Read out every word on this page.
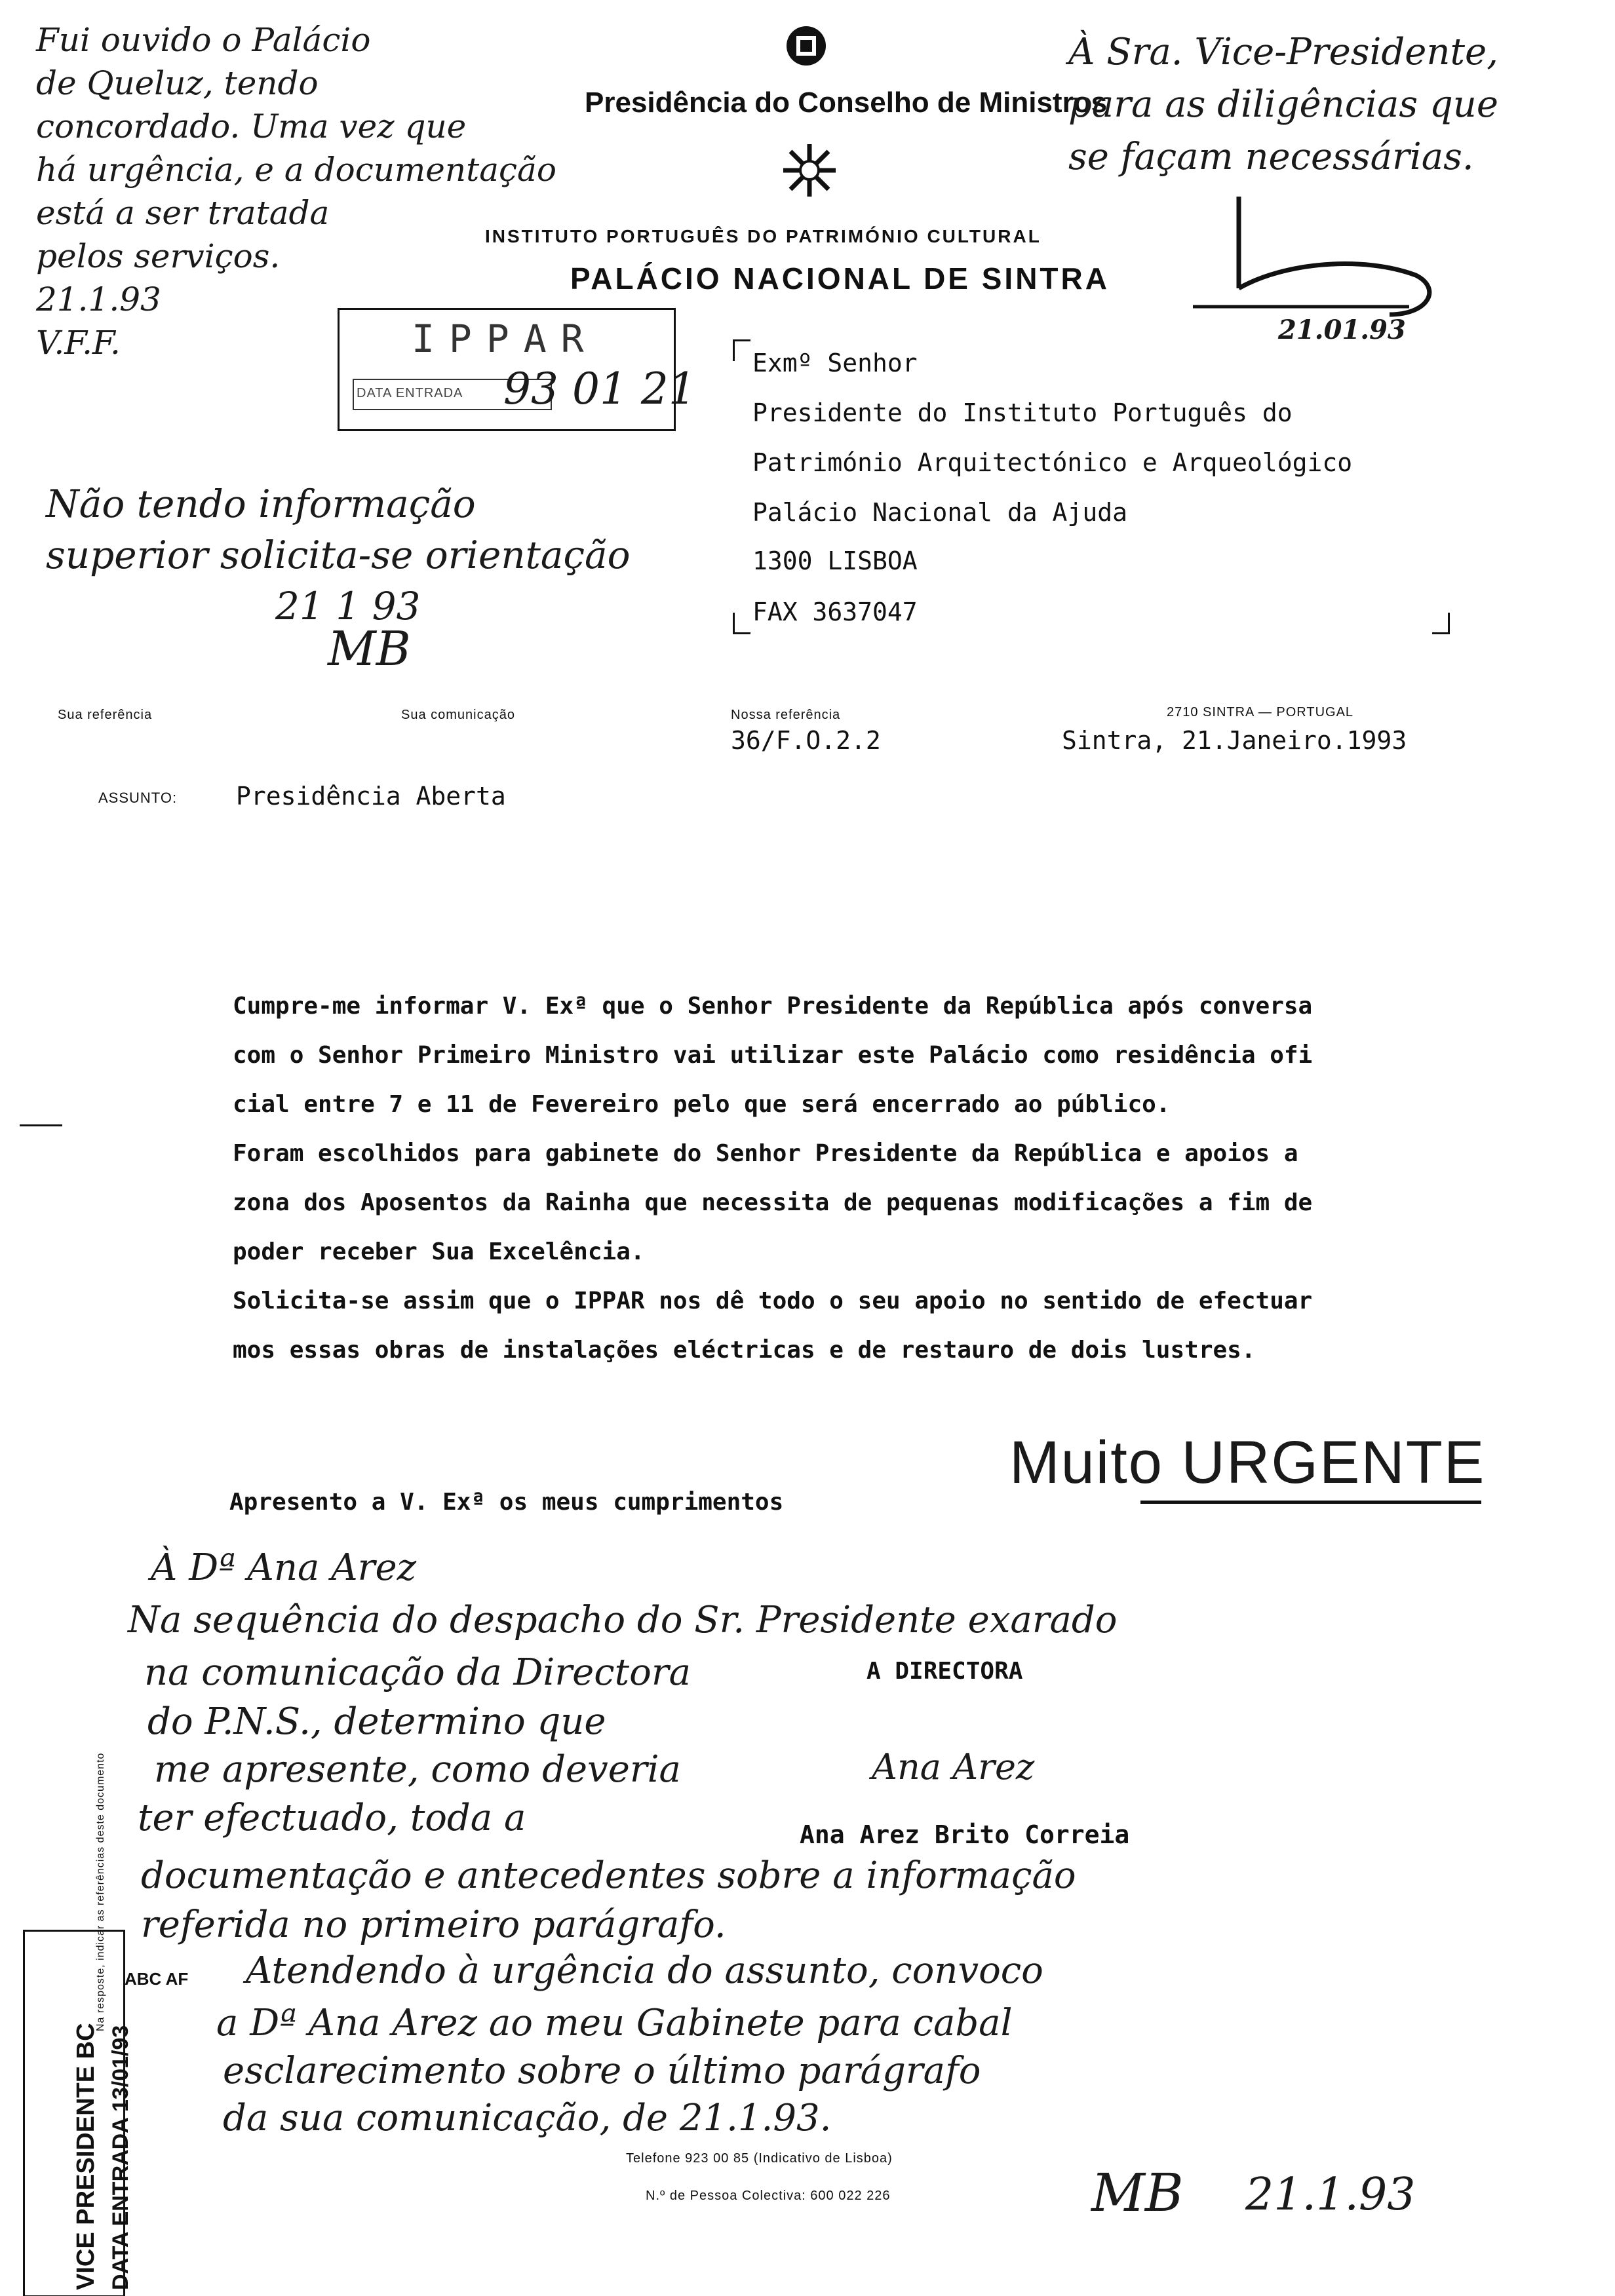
Presidência do Conselho de Ministros
INSTITUTO PORTUGUÊS DO PATRIMÓNIO CULTURAL
PALÁCIO NACIONAL DE SINTRA
IPPAR
DATA ENTRADA 93 01 21
Fui ouvido o Palácio
de Queluz, tendo
concordado. Uma vez que
há urgência, e a documentação
está a ser tratada
pelos serviços.
21.1.93
V.F.F.
À Sra. Vice-Presidente,
para as diligências que
se façam necessárias.
21.01.93
Exmº Senhor
Presidente do Instituto Português do
Património Arquitectónico e Arqueológico
Palácio Nacional da Ajuda
1300 LISBOA
FAX 3637047
Não tendo informação
superior solicita-se orientação
21 1 93
MB
Sua referência	Sua comunicação	Nossa referência
36/F.O.2.2
2710 SINTRA — PORTUGAL
Sintra, 21.Janeiro.1993
ASSUNTO: Presidência Aberta
Cumpre-me informar V. Exª que o Senhor Presidente da República após conversa
com o Senhor Primeiro Ministro vai utilizar este Palácio como residência ofi
cial entre 7 e 11 de Fevereiro pelo que será encerrado ao público.
Foram escolhidos para gabinete do Senhor Presidente da República e apoios a
zona dos Aposentos da Rainha que necessita de pequenas modificações a fim de
poder receber Sua Excelência.
Solicita-se assim que o IPPAR nos dê todo o seu apoio no sentido de efectuar
mos essas obras de instalações eléctricas e de restauro de dois lustres.
Muito URGENTE
Apresento a V. Exª os meus cumprimentos
A DIRECTORA
Ana Arez Brito Correia
Ana Arez
À Dª Ana Arez
Na sequência do despacho do Sr. Presidente exarado
na comunicação da Directora
do P.N.S., determino que
me apresente, como deveria
ter efectuado, toda a
documentação e antecedentes sobre a informação
referida no primeiro parágrafo.
Atendendo à urgência do assunto, convoco
a Dª Ana Arez ao meu Gabinete para cabal
esclarecimento sobre o último parágrafo
da sua comunicação, de 21.1.93.
MB 21.1.93
Telefone 923 00 85 (Indicativo de Lisboa)
N.º de Pessoa Colectiva: 600 022 226
Na resposte, indicar as referências deste documento
VICE PRESIDENTE BC DATA ENTRADA 13/01/93
ABC AF
